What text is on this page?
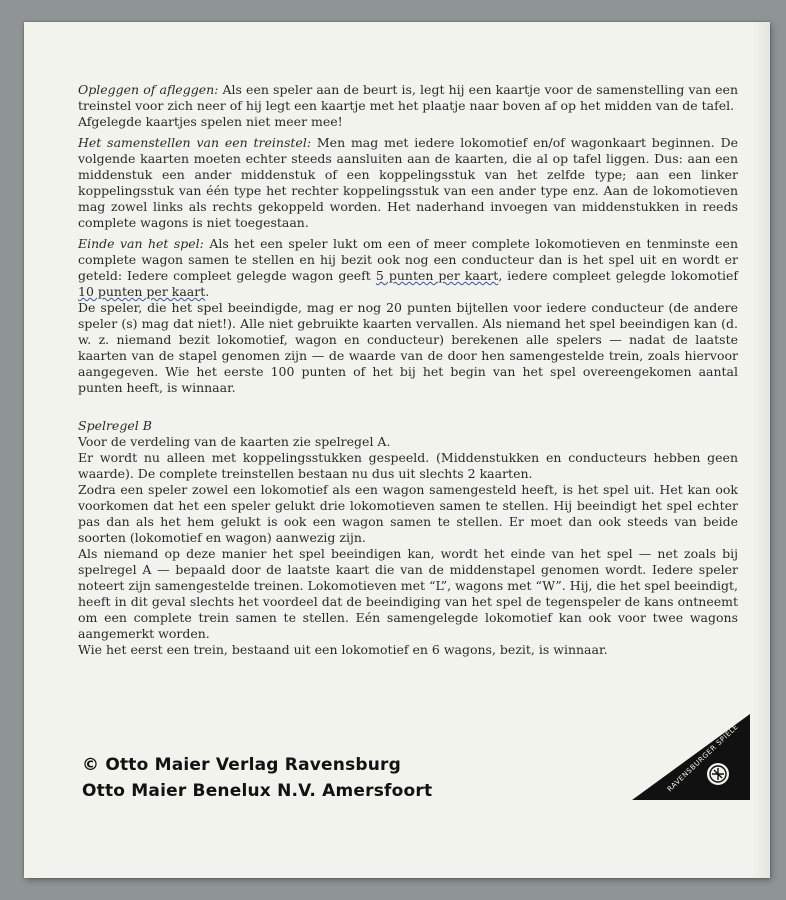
Opleggen of afleggen: Als een speler aan de beurt is, legt hij een kaartje voor de samenstelling van een treinstel voor zich neer of hij legt een kaartje met het plaatje naar boven af op het midden van de tafel.
Afgelegde kaartjes spelen niet meer mee!

Het samenstellen van een treinstel: Men mag met iedere lokomotief en/of wagonkaart beginnen. De volgende kaarten moeten echter steeds aansluiten aan de kaarten, die al op tafel liggen. Dus: aan een middenstuk een ander middenstuk of een koppelingsstuk van het zelfde type; aan een linker koppelingsstuk van één type het rechter koppelingsstuk van een ander type enz. Aan de lokomotieven mag zowel links als rechts gekoppeld worden. Het naderhand invoegen van middenstukken in reeds complete wagons is niet toegestaan.

Einde van het spel: Als het een speler lukt om een of meer complete lokomotieven en tenminste een complete wagon samen te stellen en hij bezit ook nog een conducteur dan is het spel uit en wordt er geteld: Iedere compleet gelegde wagon geeft 5 punten per kaart, iedere compleet gelegde lokomotief 10 punten per kaart.

De speler, die het spel beeindigde, mag er nog 20 punten bijtellen voor iedere conducteur (de andere speler (s) mag dat niet!). Alle niet gebruikte kaarten vervallen. Als niemand het spel beeindigen kan (d. w. z. niemand bezit lokomotief, wagon en conducteur) berekenen alle spelers — nadat de laatste kaarten van de stapel genomen zijn — de waarde van de door hen samengestelde trein, zoals hiervoor aangegeven. Wie het eerste 100 punten of het bij het begin van het spel overeengekomen aantal punten heeft, is winnaar.

Spelregel B

Voor de verdeling van de kaarten zie spelregel A.

Er wordt nu alleen met koppelingsstukken gespeeld. (Middenstukken en conducteurs hebben geen waarde). De complete treinstellen bestaan nu dus uit slechts 2 kaarten.

Zodra een speler zowel een lokomotief als een wagon samengesteld heeft, is het spel uit. Het kan ook voorkomen dat het een speler gelukt drie lokomotieven samen te stellen. Hij beeindigt het spel echter pas dan als het hem gelukt is ook een wagon samen te stellen. Er moet dan ook steeds van beide soorten (lokomotief en wagon) aanwezig zijn.

Als niemand op deze manier het spel beeindigen kan, wordt het einde van het spel — net zoals bij spelregel A — bepaald door de laatste kaart die van de middenstapel genomen wordt. Iedere speler noteert zijn samengestelde treinen. Lokomotieven met “L”, wagons met “W”. Hij, die het spel beeindigt, heeft in dit geval slechts het voordeel dat de beeindiging van het spel de tegenspeler de kans ontneemt om een complete trein samen te stellen. Eén samengelegde lokomotief kan ook voor twee wagons aangemerkt worden.

Wie het eerst een trein, bestaand uit een lokomotief en 6 wagons, bezit, is winnaar.

© Otto Maier Verlag Ravensburg
Otto Maier Benelux N.V. Amersfoort	RAVENSBURGER SPIELE
